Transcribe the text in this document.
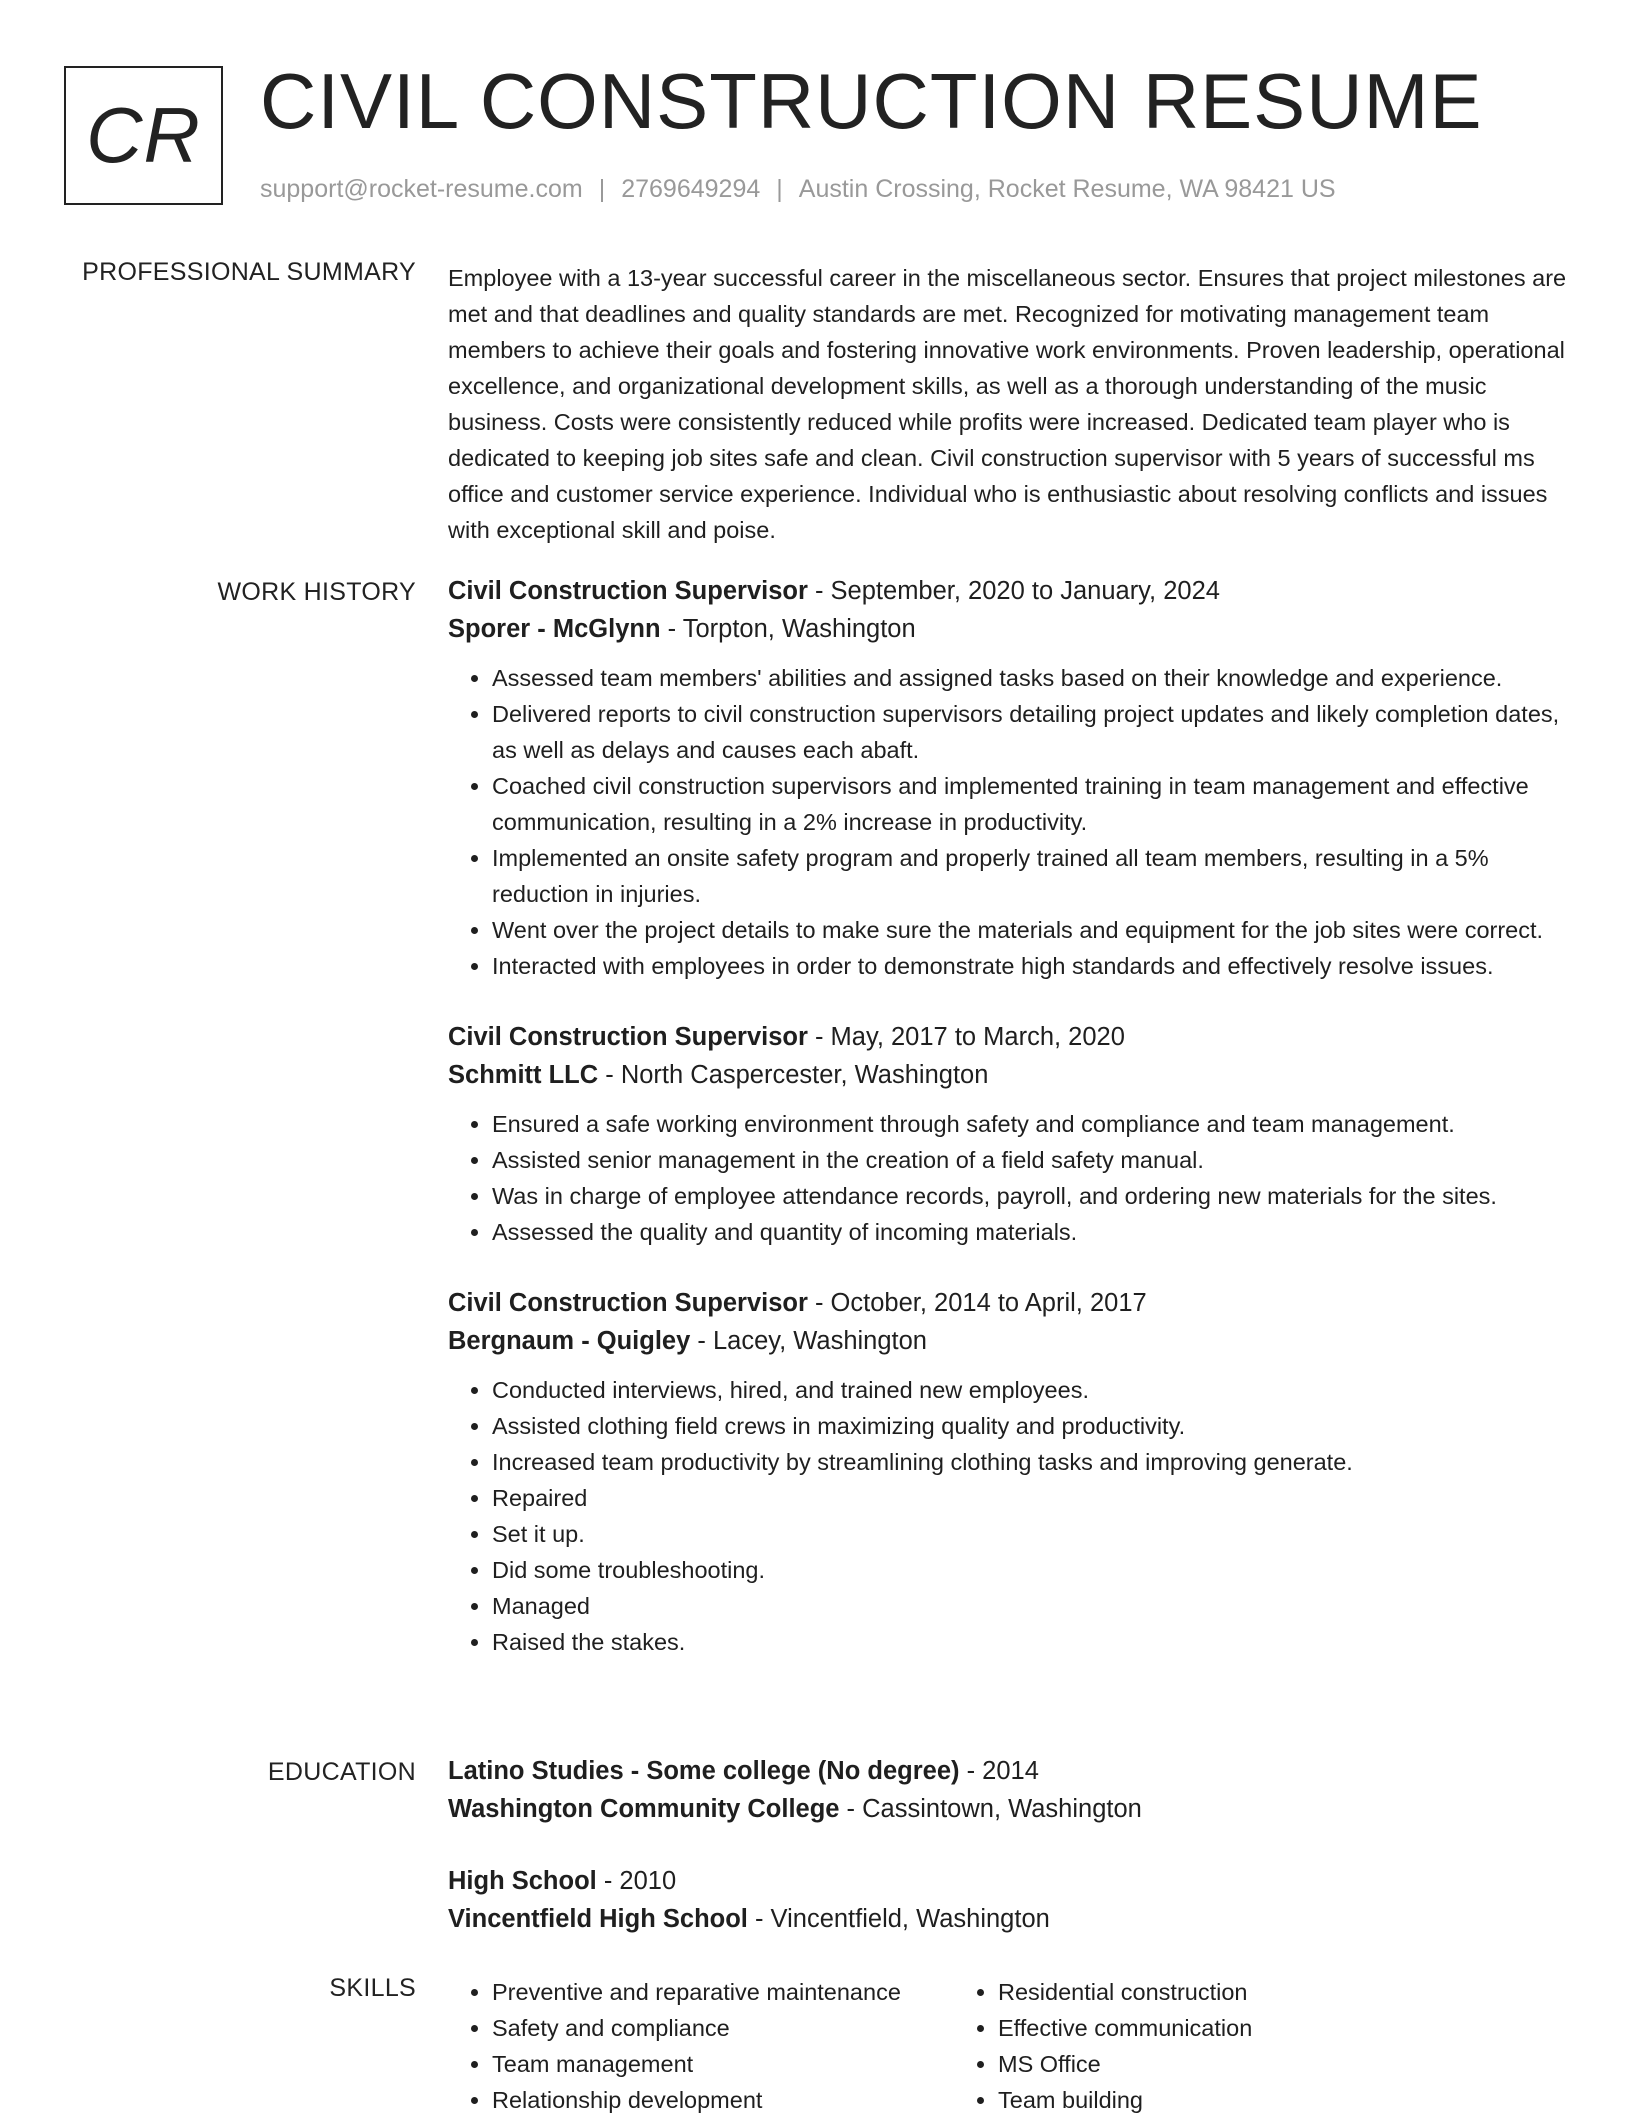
CR CIVIL CONSTRUCTION RESUME
support@rocket-resume.com | 2769649294 | Austin Crossing, Rocket Resume, WA 98421 US
PROFESSIONAL SUMMARY Employee with a 13-year successful career in the miscellaneous sector. Ensures that project milestones are met and that deadlines and quality standards are met. Recognized for motivating management team members to achieve their goals and fostering innovative work environments. Proven leadership, operational excellence, and organizational development skills, as well as a thorough understanding of the music business. Costs were consistently reduced while profits were increased. Dedicated team player who is dedicated to keeping job sites safe and clean. Civil construction supervisor with 5 years of successful ms office and customer service experience. Individual who is enthusiastic about resolving conflicts and issues with exceptional skill and poise.
WORK HISTORY Civil Construction Supervisor - September, 2020 to January, 2024
Sporer - McGlynn - Torpton, Washington
• Assessed team members' abilities and assigned tasks based on their knowledge and experience.
• Delivered reports to civil construction supervisors detailing project updates and likely completion dates, as well as delays and causes each abaft.
• Coached civil construction supervisors and implemented training in team management and effective communication, resulting in a 2% increase in productivity.
• Implemented an onsite safety program and properly trained all team members, resulting in a 5% reduction in injuries.
• Went over the project details to make sure the materials and equipment for the job sites were correct.
• Interacted with employees in order to demonstrate high standards and effectively resolve issues.
Civil Construction Supervisor - May, 2017 to March, 2020
Schmitt LLC - North Caspercester, Washington
• Ensured a safe working environment through safety and compliance and team management.
• Assisted senior management in the creation of a field safety manual.
• Was in charge of employee attendance records, payroll, and ordering new materials for the sites.
• Assessed the quality and quantity of incoming materials.
Civil Construction Supervisor - October, 2014 to April, 2017
Bergnaum - Quigley - Lacey, Washington
• Conducted interviews, hired, and trained new employees.
• Assisted clothing field crews in maximizing quality and productivity.
• Increased team productivity by streamlining clothing tasks and improving generate.
• Repaired
• Set it up.
• Did some troubleshooting.
• Managed
• Raised the stakes.
EDUCATION Latino Studies - Some college (No degree) - 2014
Washington Community College - Cassintown, Washington
High School - 2010
Vincentfield High School - Vincentfield, Washington
SKILLS
•	Preventive and reparative maintenance
• Safety and compliance
• Team management
• Relationship development
• Residential construction
• Effective communication
• MS Office
• Team building
